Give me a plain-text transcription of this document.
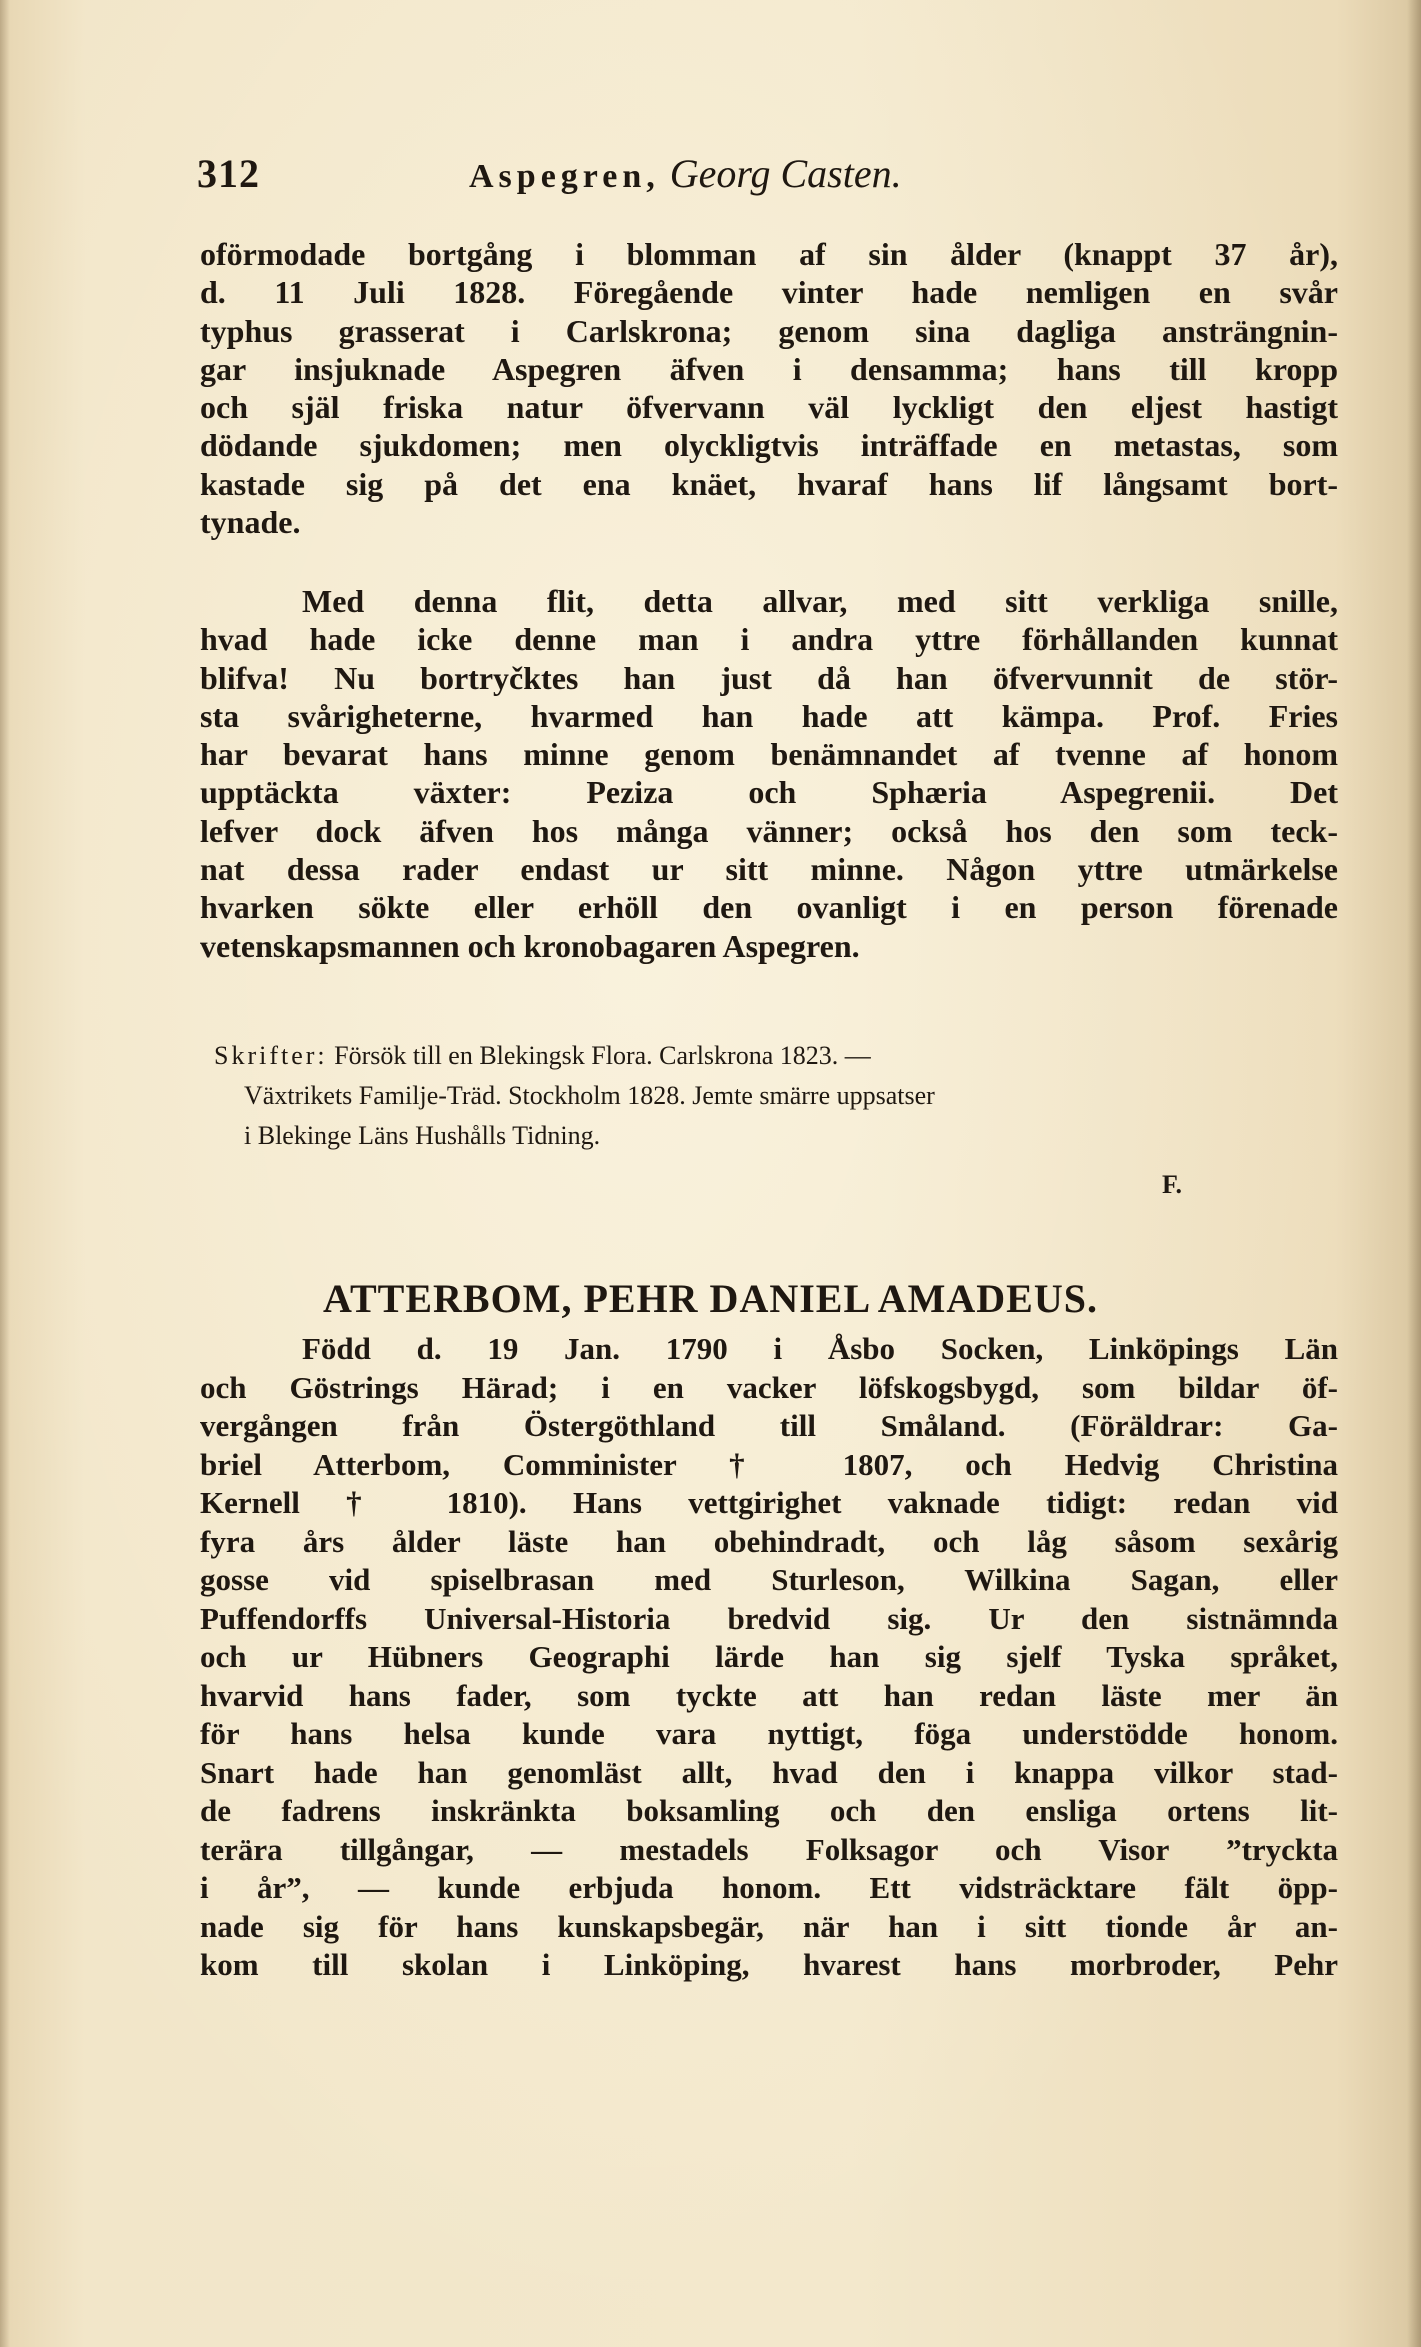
312	Aspegren, Georg Casten.
oförmodade bortgång i blomman af sin ålder (knappt 37 år),
d. 11 Juli 1828. Föregående vinter hade nemligen en svår
typhus grasserat i Carlskrona; genom sina dagliga ansträngnin-
gar insjuknade Aspegren äfven i densamma; hans till kropp
och själ friska natur öfvervann väl lyckligt den eljest hastigt
dödande sjukdomen; men olyckligtvis inträffade en metastas, som
kastade sig på det ena knäet, hvaraf hans lif långsamt bort-
tynade.
Med denna flit, detta allvar, med sitt verkliga snille,
hvad hade icke denne man i andra yttre förhållanden kunnat
blifva! Nu bortryčktes han just då han öfvervunnit de stör-
sta svårigheterne, hvarmed han hade att kämpa. Prof. Fries
har bevarat hans minne genom benämnandet af tvenne af honom
upptäckta växter: Peziza och Sphæria Aspegrenii. Det
lefver dock äfven hos många vänner; också hos den som teck-
nat dessa rader endast ur sitt minne. Någon yttre utmärkelse
hvarken sökte eller erhöll den ovanligt i en person förenade
vetenskapsmannen och kronobagaren Aspegren.
Skrifter: Försök till en Blekingsk Flora. Carlskrona 1823. —
Växtrikets Familje-Träd. Stockholm 1828. Jemte smärre uppsatser
i Blekinge Läns Hushålls Tidning.
F.
ATTERBOM, PEHR DANIEL AMADEUS.
Född d. 19 Jan. 1790 i Åsbo Socken, Linköpings Län
och Göstrings Härad; i en vacker löfskogsbygd, som bildar öf-
vergången från Östergöthland till Småland. (Föräldrar: Ga-
briel Atterbom, Comminister † 1807, och Hedvig Christina
Kernell † 1810). Hans vettgirighet vaknade tidigt: redan vid
fyra års ålder läste han obehindradt, och låg såsom sexårig
gosse vid spiselbrasan med Sturleson, Wilkina Sagan, eller
Puffendorffs Universal-Historia bredvid sig. Ur den sistnämnda
och ur Hübners Geographi lärde han sig sjelf Tyska språket,
hvarvid hans fader, som tyckte att han redan läste mer än
för hans helsa kunde vara nyttigt, föga understödde honom.
Snart hade han genomläst allt, hvad den i knappa vilkor stad-
de fadrens inskränkta boksamling och den ensliga ortens lit-
terära tillgångar, — mestadels Folksagor och Visor ”tryckta
i år”, — kunde erbjuda honom. Ett vidsträcktare fält öpp-
nade sig för hans kunskapsbegär, när han i sitt tionde år an-
kom till skolan i Linköping, hvarest hans morbroder, Pehr
